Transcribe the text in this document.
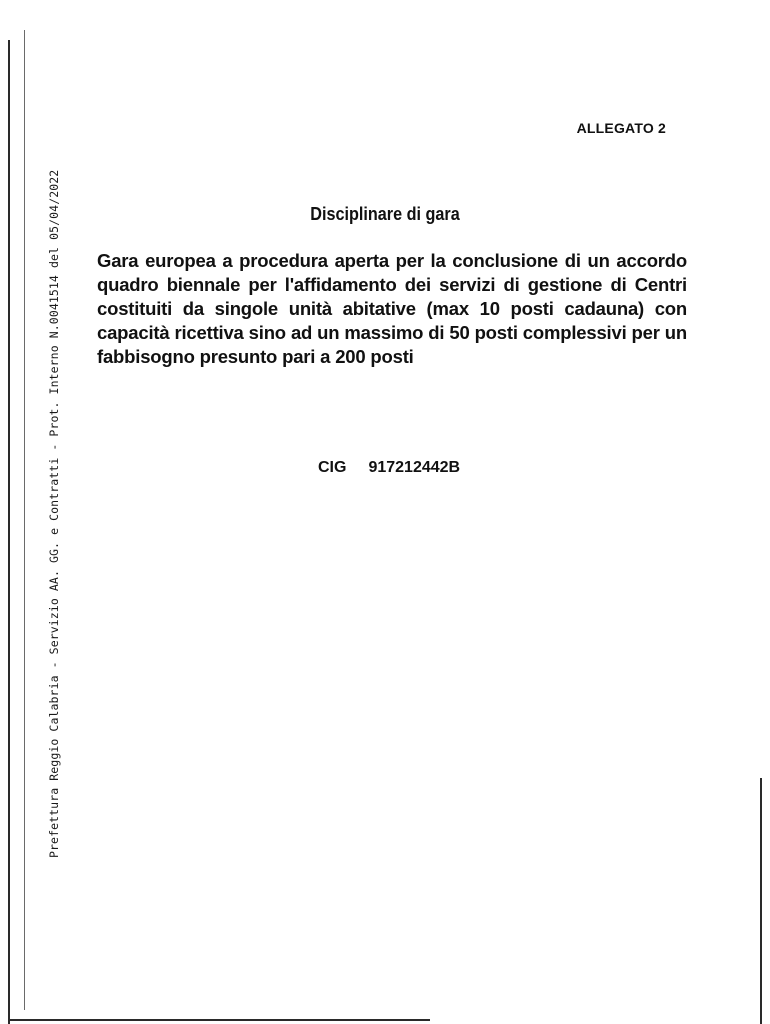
Prefettura Reggio Calabria - Servizio AA. GG. e Contratti - Prot. Interno N.0041514 del 05/04/2022
ALLEGATO 2
Disciplinare di gara
Gara europea a procedura aperta per la conclusione di un accordo quadro biennale per l'affidamento dei servizi di gestione di Centri costituiti da singole unità abitative (max 10 posti cadauna) con capacità ricettiva sino ad un massimo di 50 posti complessivi per un fabbisogno presunto pari a 200 posti
CIG 917212442B
